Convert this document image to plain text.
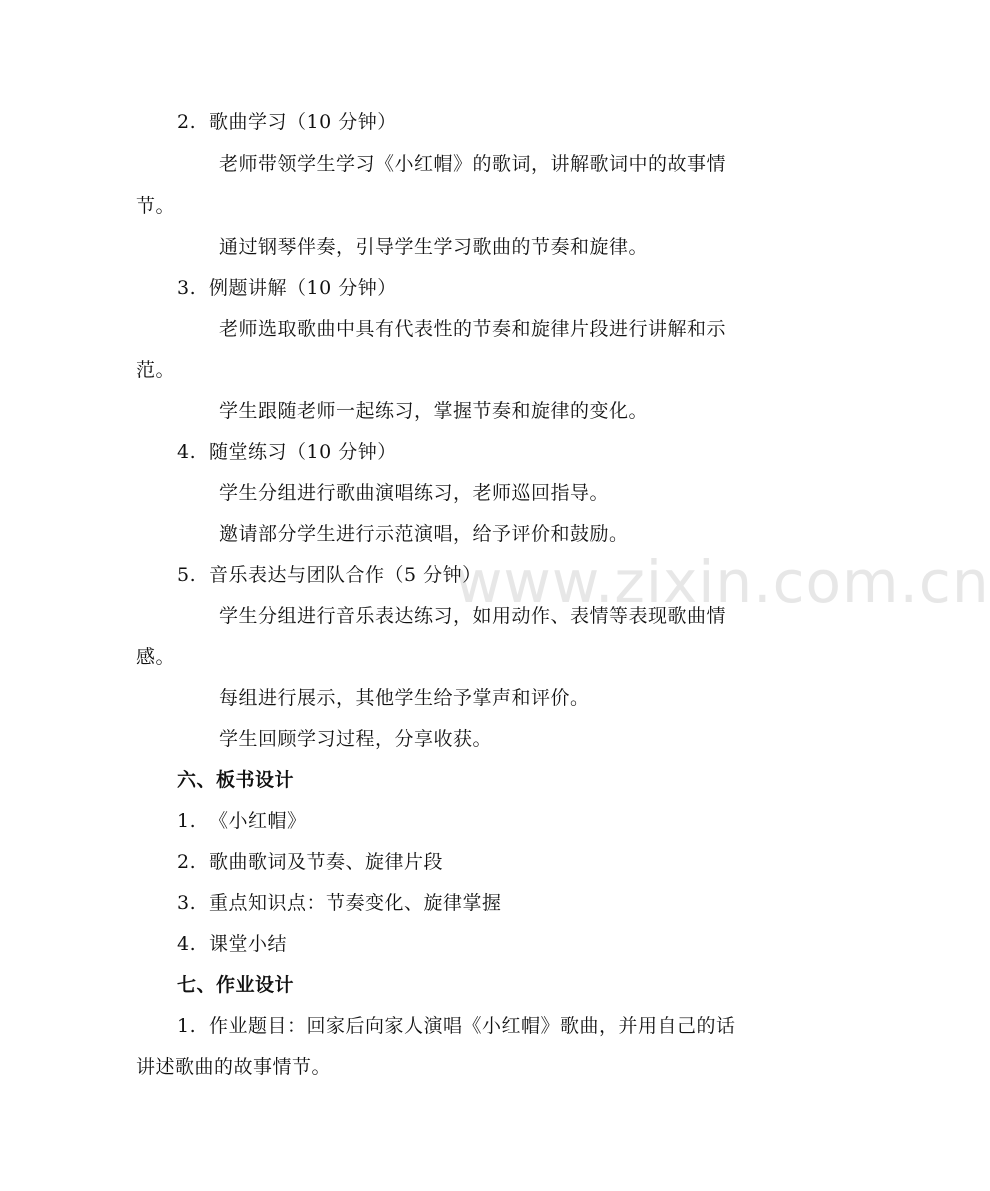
www.zixin.com.cn
2. 歌曲学习（10 分钟）
老师带领学生学习《小红帽》的歌词，讲解歌词中的故事情
节。
通过钢琴伴奏，引导学生学习歌曲的节奏和旋律。
3. 例题讲解（10 分钟）
老师选取歌曲中具有代表性的节奏和旋律片段进行讲解和示
范。
学生跟随老师一起练习，掌握节奏和旋律的变化。
4. 随堂练习（10 分钟）
学生分组进行歌曲演唱练习，老师巡回指导。
邀请部分学生进行示范演唱，给予评价和鼓励。
5. 音乐表达与团队合作（5 分钟）
学生分组进行音乐表达练习，如用动作、表情等表现歌曲情
感。
每组进行展示，其他学生给予掌声和评价。
学生回顾学习过程，分享收获。
六、板书设计
1. 《小红帽》
2. 歌曲歌词及节奏、旋律片段
3. 重点知识点：节奏变化、旋律掌握
4. 课堂小结
七、作业设计
1. 作业题目：回家后向家人演唱《小红帽》歌曲，并用自己的话
讲述歌曲的故事情节。
